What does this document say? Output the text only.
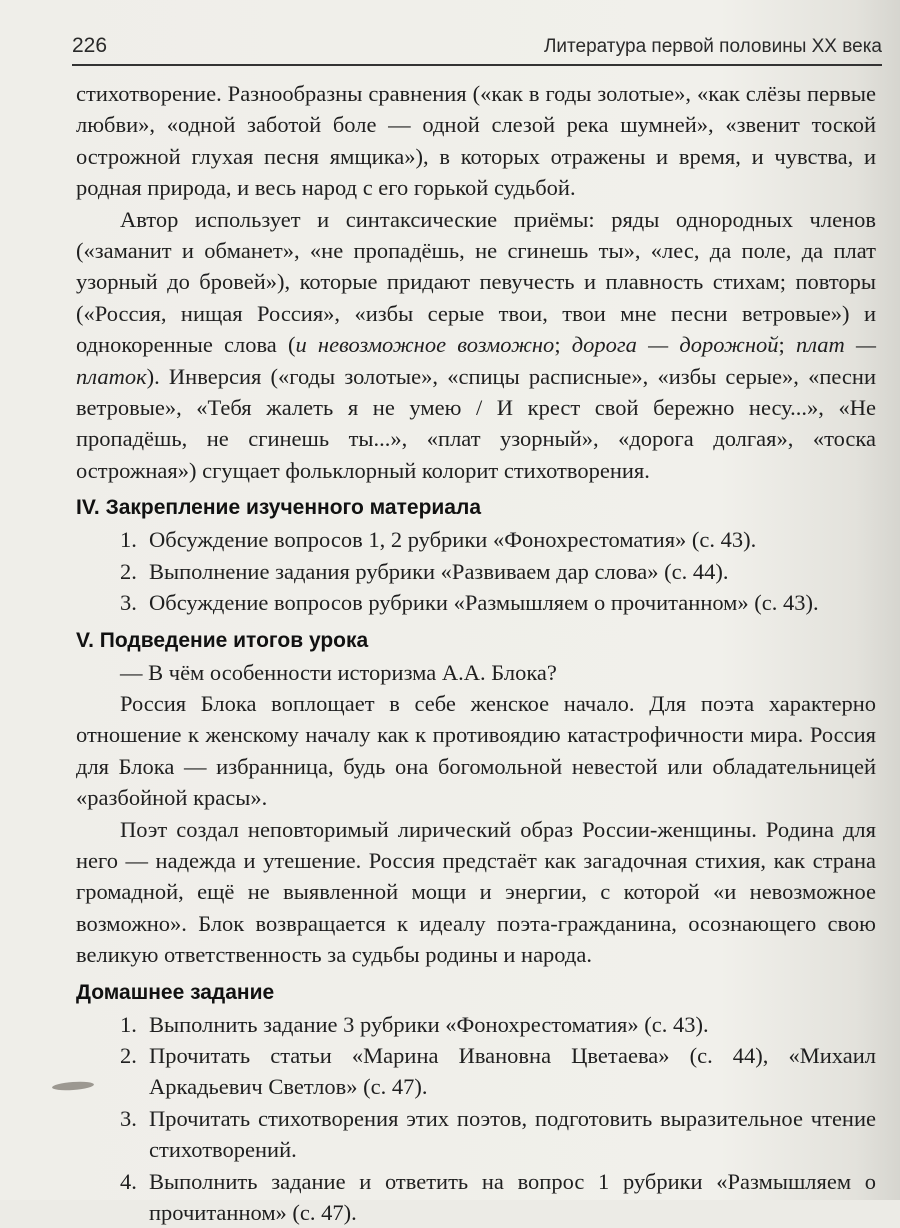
226	Литература первой половины XX века

стихотворение. Разнообразны сравнения («как в годы золотые», «как слёзы первые любви», «одной заботой боле — одной слезой река шумней», «звенит тоской острожной глухая песня ямщика»), в которых отражены и время, и чувства, и родная природа, и весь народ с его горькой судьбой.

Автор использует и синтаксические приёмы: ряды однородных членов («заманит и обманет», «не пропадёшь, не сгинешь ты», «лес, да поле, да плат узорный до бровей»), которые придают певучесть и плавность стихам; повторы («Россия, нищая Россия», «избы серые твои, твои мне песни ветровые») и однокоренные слова (и невозможное возможно; дорога — дорожной; плат — платок). Инверсия («годы золотые», «спицы расписные», «избы серые», «песни ветровые», «Тебя жалеть я не умею / И крест свой бережно несу...», «Не пропадёшь, не сгинешь ты...», «плат узорный», «дорога долгая», «тоска острожная») сгущает фольклорный колорит стихотворения.

IV. Закрепление изученного материала
1. Обсуждение вопросов 1, 2 рубрики «Фонохрестоматия» (с. 43).
2. Выполнение задания рубрики «Развиваем дар слова» (с. 44).
3. Обсуждение вопросов рубрики «Размышляем о прочитанном» (с. 43).
V. Подведение итогов урока

— В чём особенности историзма А.А. Блока?

Россия Блока воплощает в себе женское начало. Для поэта характерно отношение к женскому началу как к противоядию катастрофичности мира. Россия для Блока — избранница, будь она богомольной невестой или обладательницей «разбойной красы».

Поэт создал неповторимый лирический образ России-женщины. Родина для него — надежда и утешение. Россия предстаёт как загадочная стихия, как страна громадной, ещё не выявленной мощи и энергии, с которой «и невозможное возможно». Блок возвращается к идеалу поэта-гражданина, осознающего свою великую ответственность за судьбы родины и народа.

Домашнее задание
1. Выполнить задание 3 рубрики «Фонохрестоматия» (с. 43).
2. Прочитать статьи «Марина Ивановна Цветаева» (с. 44), «Михаил Аркадьевич Светлов» (с. 47).
3. Прочитать стихотворения этих поэтов, подготовить выразительное чтение стихотворений.
4. Выполнить задание и ответить на вопрос 1 рубрики «Размышляем о прочитанном» (с. 47).
